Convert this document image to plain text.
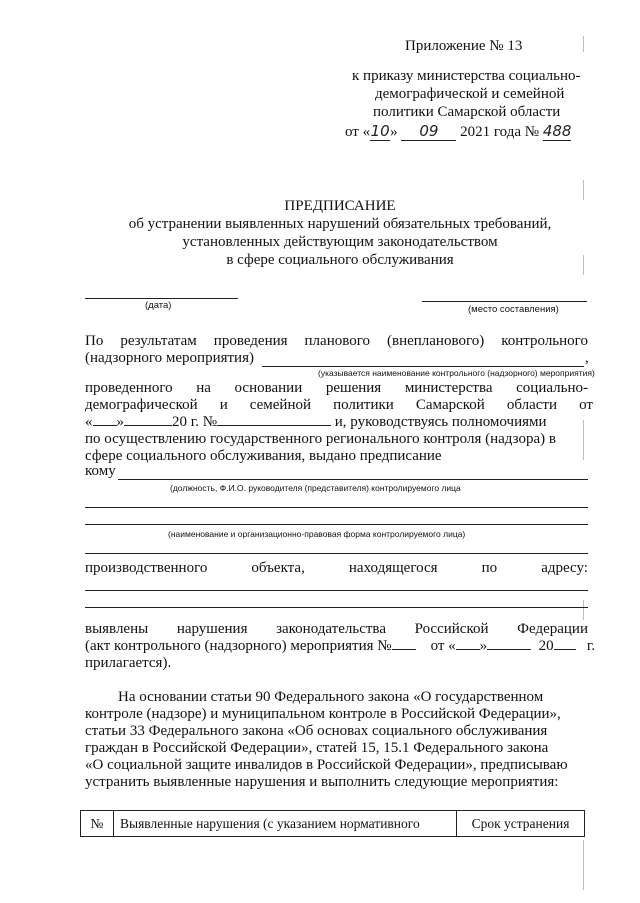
Приложение № 13
к приказу министерства социально-
демографической и семейной
политики Самарской области
от «10» 09 2021 года № 488
ПРЕДПИСАНИЕ
об устранении выявленных нарушений обязательных требований,
установленных действующим законодательством
в сфере социального обслуживания
(дата)	(место составления)
По результатам проведения планового (внепланового) контрольного
(надзорного мероприятия)	,
(указывается наименование контрольного (надзорного) мероприятия)
проведенного на основании решения министерства социально-
демографической и семейной политики Самарской области от
« »	20 г. №	и, руководствуясь полномочиями
по осуществлению государственного регионального контроля (надзора) в
сфере социального обслуживания, выдано предписание
кому
(должность, Ф.И.О. руководителя (представителя) контролируемого лица
(наименование и организационно-правовая форма контролируемого лица)
производственного	объекта,	находящегося	по	адресу:
выявлены нарушения законодательства Российской Федерации
(акт контрольного (надзорного) мероприятия №	от « »	20 г.
прилагается).
На основании статьи 90 Федерального закона «О государственном
контроле (надзоре) и муниципальном контроле в Российской Федерации»,
статьи 33 Федерального закона «Об основах социального обслуживания
граждан в Российской Федерации», статей 15, 15.1 Федерального закона
«О социальной защите инвалидов в Российской Федерации», предписываю
устранить выявленные нарушения и выполнить следующие мероприятия:
№	Выявленные нарушения (с указанием нормативного	Срок устранения
